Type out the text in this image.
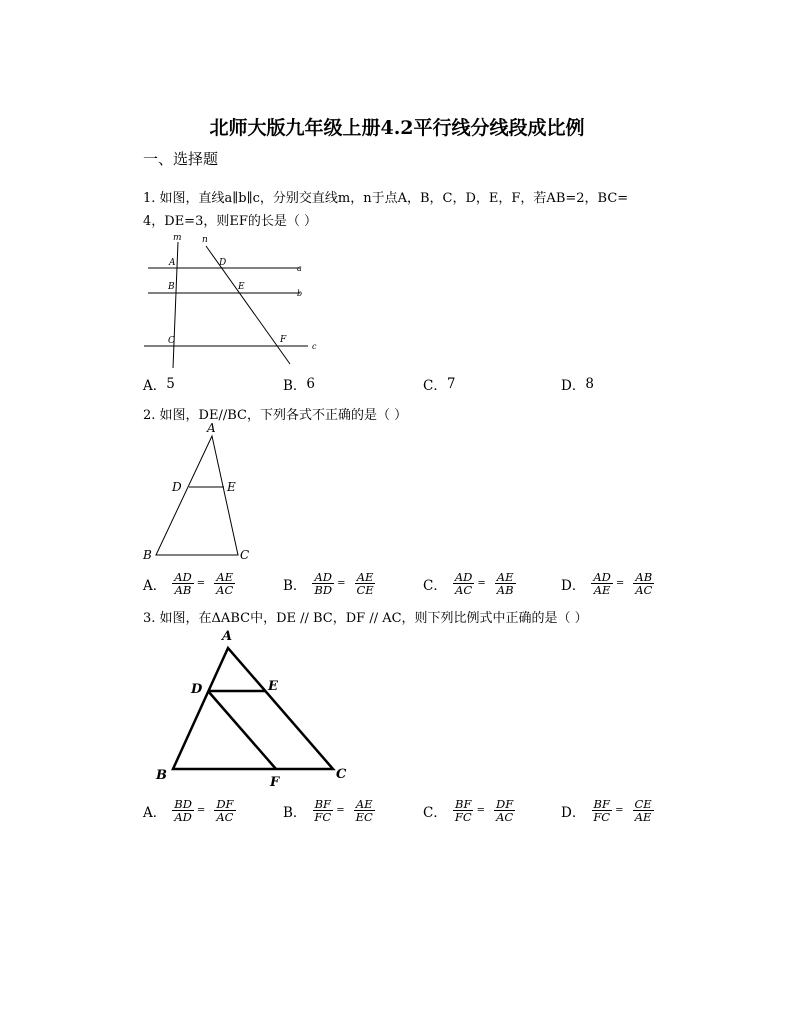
北师大版九年级上册4.2平行线分线段成比例
一、选择题
1. 如图，直线a∥b∥c，分别交直线m，n于点A，B，C，D，E，F，若AB=2，BC=
4，DE=3，则EF的长是（ ）
m n
A	D
a
B	E
b
C	F
c
A． 5	B． 6	C． 7	D． 8
2. 如图，DE//BC，下列各式不正确的是（ ）
A
D	E
B	C
A． $\frac{AD}{AB} = \frac{AE}{AC}$	B． $\frac{AD}{BD} = \frac{AE}{CE}$	C． $\frac{AD}{AC} = \frac{AE}{AB}$	D． $\frac{AD}{AE} = \frac{AB}{AC}$
3. 如图，在ΔABC中，DE // BC，DF // AC，则下列比例式中正确的是（ ）
A
D	E
B	F
C
A． $\frac{BD}{AD} = \frac{DF}{AC}$	B． $\frac{BF}{FC} = \frac{AE}{EC}$	C． $\frac{BF}{FC} = \frac{DF}{AC}$	D． $\frac{BF}{FC} = \frac{CE}{AE}$
